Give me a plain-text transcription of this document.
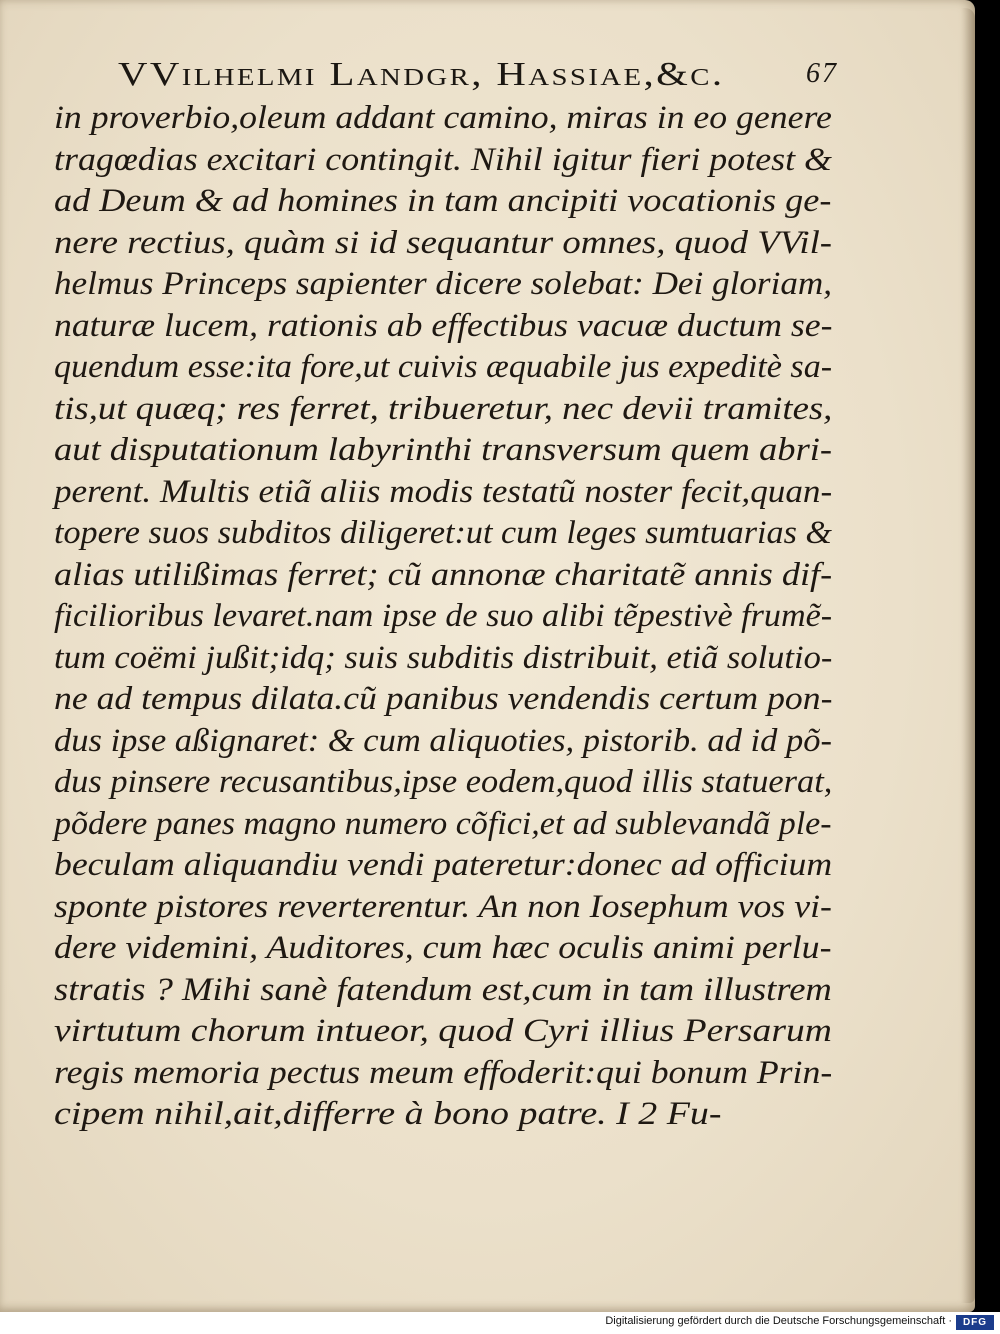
VVilhelmi Landgr, Hassiae,&c.	67
in proverbio,oleum addant camino, miras in eo genere
tragœdias excitari contingit. Nihil igitur fieri potest &
ad Deum & ad homines in tam ancipiti vocationis ge-
nere rectius, quàm si id sequantur omnes, quod VVil-
helmus Princeps sapienter dicere solebat: Dei gloriam,
naturæ lucem, rationis ab effectibus vacuæ ductum se-
quendum esse:ita fore,ut cuivis æquabile jus expeditè sa-
tis,ut quæq; res ferret, tribueretur, nec devii tramites,
aut disputationum labyrinthi transversum quem abri-
perent. Multis etiã aliis modis testatũ noster fecit,quan-
topere suos subditos diligeret:ut cum leges sumtuarias &
alias utilißimas ferret; cũ annonæ charitatẽ annis dif-
ficilioribus levaret.nam ipse de suo alibi tẽpestivè frumẽ-
tum coëmi jußit;idq; suis subditis distribuit, etiã solutio-
ne ad tempus dilata.cũ panibus vendendis certum pon-
dus ipse aßignaret: & cum aliquoties, pistorib. ad id põ-
dus pinsere recusantibus,ipse eodem,quod illis statuerat,
põdere panes magno numero cõfici,et ad sublevandã ple-
beculam aliquandiu vendi pateretur:donec ad officium
sponte pistores reverterentur. An non Iosephum vos vi-
dere videmini, Auditores, cum hæc oculis animi perlu-
stratis ? Mihi sanè fatendum est,cum in tam illustrem
virtutum chorum intueor, quod Cyri illius Persarum
regis memoria pectus meum effoderit:qui bonum Prin-
cipem nihil,ait,differre à bono patre. I 2 Fu-
Digitalisierung gefördert durch die Deutsche Forschungsgemeinschaft ·	DFG
